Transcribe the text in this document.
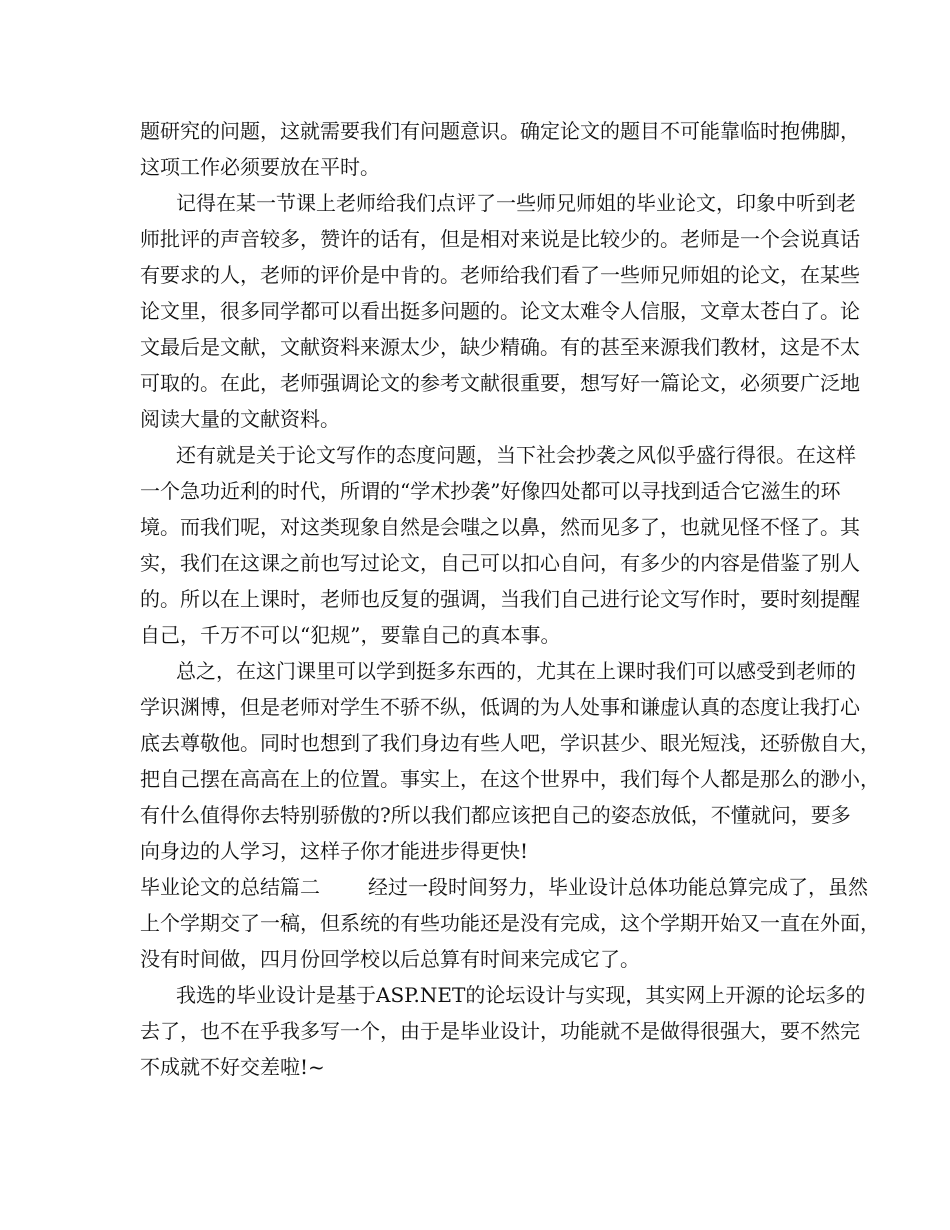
题研究的问题，这就需要我们有问题意识。确定论文的题目不可能靠临时抱佛脚，
这项工作必须要放在平时。
记得在某一节课上老师给我们点评了一些师兄师姐的毕业论文，印象中听到老
师批评的声音较多，赞许的话有，但是相对来说是比较少的。老师是一个会说真话
有要求的人，老师的评价是中肯的。老师给我们看了一些师兄师姐的论文，在某些
论文里，很多同学都可以看出挺多问题的。论文太难令人信服，文章太苍白了。论
文最后是文献，文献资料来源太少，缺少精确。有的甚至来源我们教材，这是不太
可取的。在此，老师强调论文的参考文献很重要，想写好一篇论文，必须要广泛地
阅读大量的文献资料。
还有就是关于论文写作的态度问题，当下社会抄袭之风似乎盛行得很。在这样
一个急功近利的时代，所谓的“学术抄袭”好像四处都可以寻找到适合它滋生的环
境。而我们呢，对这类现象自然是会嗤之以鼻，然而见多了，也就见怪不怪了。其
实，我们在这课之前也写过论文，自己可以扣心自问，有多少的内容是借鉴了别人
的。所以在上课时，老师也反复的强调，当我们自己进行论文写作时，要时刻提醒
自己，千万不可以“犯规”，要靠自己的真本事。
总之，在这门课里可以学到挺多东西的，尤其在上课时我们可以感受到老师的
学识渊博，但是老师对学生不骄不纵，低调的为人处事和谦虚认真的态度让我打心
底去尊敬他。同时也想到了我们身边有些人吧，学识甚少、眼光短浅，还骄傲自大，
把自己摆在高高在上的位置。事实上，在这个世界中，我们每个人都是那么的渺小，
有什么值得你去特别骄傲的?所以我们都应该把自己的姿态放低，不懂就问，要多
向身边的人学习，这样子你才能进步得更快!
毕业论文的总结篇二 经过一段时间努力，毕业设计总体功能总算完成了，虽然
上个学期交了一稿，但系统的有些功能还是没有完成，这个学期开始又一直在外面，
没有时间做，四月份回学校以后总算有时间来完成它了。
我选的毕业设计是基于ASP.NET的论坛设计与实现，其实网上开源的论坛多的
去了，也不在乎我多写一个，由于是毕业设计，功能就不是做得很强大，要不然完
不成就不好交差啦!~
